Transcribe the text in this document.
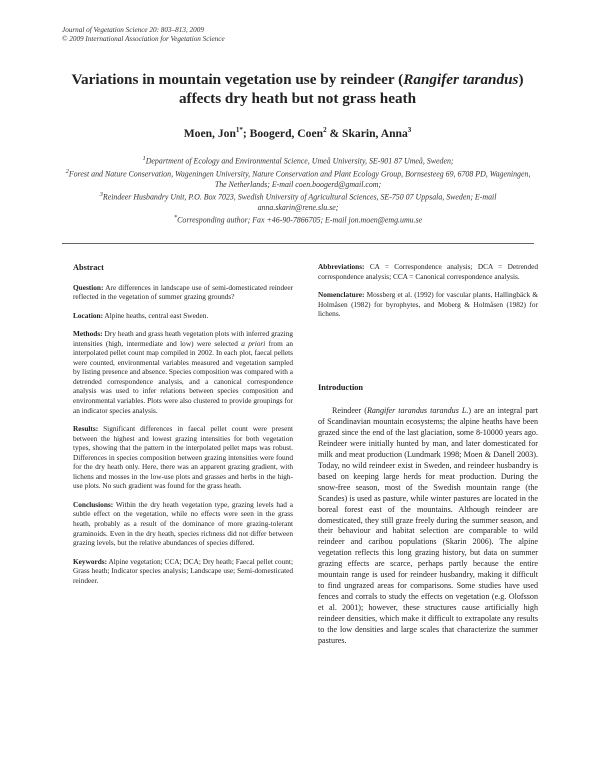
Journal of Vegetation Science 20: 803–813, 2009
© 2009 International Association for Vegetation Science
Variations in mountain vegetation use by reindeer (Rangifer tarandus) affects dry heath but not grass heath
Moen, Jon$^{1*}$; Boogerd, Coen$^2$ & Skarin, Anna$^3$
$^1$Department of Ecology and Environmental Science, Umeå University, SE-901 87 Umeå, Sweden;
$^2$Forest and Nature Conservation, Wageningen University, Nature Conservation and Plant Ecology Group, Bornsesteeg 69, 6708 PD, Wageningen, The Netherlands; E-mail coen.boogerd@gmail.com;
$^3$Reindeer Husbandry Unit, P.O. Box 7023, Swedish University of Agricultural Sciences, SE-750 07 Uppsala, Sweden; E-mail anna.skarin@rene.slu.se;
*Corresponding author; Fax +46-90-7866705; E-mail jon.moen@emg.umu.se
Abstract

Question: Are differences in landscape use of semi-domesticated reindeer reflected in the vegetation of summer grazing grounds?

Location: Alpine heaths, central east Sweden.

Methods: Dry heath and grass heath vegetation plots with inferred grazing intensities (high, intermediate and low) were selected a priori from an interpolated pellet count map compiled in 2002. In each plot, faecal pellets were counted, environmental variables measured and vegetation sampled by listing presence and absence. Species composition was compared with a detrended correspondence analysis, and a canonical correspondence analysis was used to infer relations between species composition and environmental variables. Plots were also clustered to provide groupings for an indicator species analysis.

Results: Significant differences in faecal pellet count were present between the highest and lowest grazing intensities for both vegetation types, showing that the pattern in the interpolated pellet maps was robust. Differences in species composition between grazing intensities were found for the dry heath only. Here, there was an apparent grazing gradient, with lichens and mosses in the low-use plots and grasses and herbs in the high-use plots. No such gradient was found for the grass heath.

Conclusions: Within the dry heath vegetation type, grazing levels had a subtle effect on the vegetation, while no effects were seen in the grass heath, probably as a result of the dominance of more grazing-tolerant graminoids. Even in the dry heath, species richness did not differ between grazing levels, but the relative abundances of species differed.

Keywords: Alpine vegetation; CCA; DCA; Dry heath; Faecal pellet count; Grass heath; Indicator species analysis; Landscape use; Semi-domesticated reindeer.

Abbreviations: CA = Correspondence analysis; DCA = Detrended correspondence analysis; CCA = Canonical correspondence analysis.

Nomenclature: Mossberg et al. (1992) for vascular plants, Hallingbäck & Holmåsen (1982) for byrophytes, and Moberg & Holmåsen (1982) for lichens.

Introduction

Reindeer (Rangifer tarandus tarandus L.) are an integral part of Scandinavian mountain ecosystems; the alpine heaths have been grazed since the end of the last glaciation, some 8-10000 years ago. Reindeer were initially hunted by man, and later domesticated for milk and meat production (Lundmark 1998; Moen & Danell 2003). Today, no wild reindeer exist in Sweden, and reindeer husbandry is based on keeping large herds for meat production. During the snow-free season, most of the Swedish mountain range (the Scandes) is used as pasture, while winter pastures are located in the boreal forest east of the mountains. Although reindeer are domesticated, they still graze freely during the summer season, and their behaviour and habitat selection are comparable to wild reindeer and caribou populations (Skarin 2006). The alpine vegetation reflects this long grazing history, but data on summer grazing effects are scarce, perhaps partly because the entire mountain range is used for reindeer husbandry, making it difficult to find ungrazed areas for comparisons. Some studies have used fences and corrals to study the effects on vegetation (e.g. Olofsson et al. 2001); however, these structures cause artificially high reindeer densities, which make it difficult to extrapolate any results to the low densities and large scales that characterize the summer pastures.
